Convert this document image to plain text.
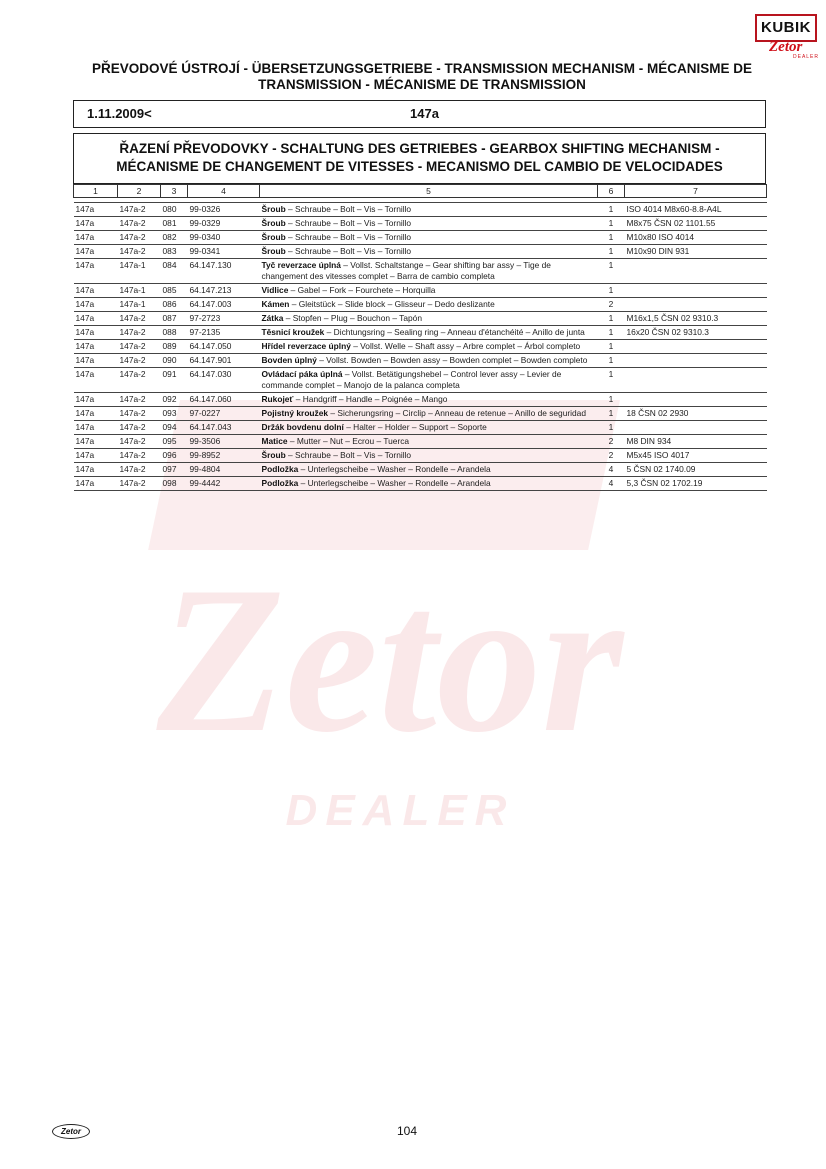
KUBIK
Zetor
DEALER
Zetor
DEALER
PŘEVODOVÉ ÚSTROJÍ - ÜBERSETZUNGSGETRIEBE - TRANSMISSION MECHANISM - MÉCANISME DE
TRANSMISSION - MÉCANISME DE TRANSMISSION
1.11.2009<	147a
ŘAZENÍ PŘEVODOVKY - SCHALTUNG DES GETRIEBES - GEARBOX SHIFTING MECHANISM -
MÉCANISME DE CHANGEMENT DE VITESSES - MECANISMO DEL CAMBIO DE VELOCIDADES
1	2	3	4	5	6	7

147a	147a-2	080	99-0326	Šroub – Schraube – Bolt – Vis – Tornillo	1	ISO 4014 M8x60-8.8-A4L
147a	147a-2	081	99-0329	Šroub – Schraube – Bolt – Vis – Tornillo	1	M8x75 ČSN 02 1101.55
147a	147a-2	082	99-0340	Šroub – Schraube – Bolt – Vis – Tornillo	1	M10x80 ISO 4014
147a	147a-2	083	99-0341	Šroub – Schraube – Bolt – Vis – Tornillo	1	M10x90 DIN 931
147a	147a-1	084	64.147.130	Tyč reverzace úplná – Vollst. Schaltstange – Gear shifting bar assy – Tige de changement des vitesses complet – Barra de cambio completa	1	
147a	147a-1	085	64.147.213	Vidlice – Gabel – Fork – Fourchete – Horquilla	1	
147a	147a-1	086	64.147.003	Kámen – Gleitstück – Slide block – Glisseur – Dedo deslizante	2	
147a	147a-2	087	97-2723	Zátka – Stopfen – Plug – Bouchon – Tapón	1	M16x1,5 ČSN 02 9310.3
147a	147a-2	088	97-2135	Těsnicí kroužek – Dichtungsring – Sealing ring – Anneau d'étanchéité – Anillo de junta	1	16x20 ČSN 02 9310.3
147a	147a-2	089	64.147.050	Hřídel reverzace úplný – Vollst. Welle – Shaft assy – Arbre complet – Árbol completo	1	
147a	147a-2	090	64.147.901	Bovden úplný – Vollst. Bowden – Bowden assy – Bowden complet – Bowden completo	1	
147a	147a-2	091	64.147.030	Ovládací páka úplná – Vollst. Betätigungshebel – Control lever assy – Levier de commande complet – Manojo de la palanca completa	1	
147a	147a-2	092	64.147.060	Rukojeť – Handgriff – Handle – Poignée – Mango	1	
147a	147a-2	093	97-0227	Pojistný kroužek – Sicherungsring – Circlip – Anneau de retenue – Anillo de seguridad	1	18 ČSN 02 2930
147a	147a-2	094	64.147.043	Držák bovdenu dolní – Halter – Holder – Support – Soporte	1	
147a	147a-2	095	99-3506	Matice – Mutter – Nut – Ecrou – Tuerca	2	M8 DIN 934
147a	147a-2	096	99-8952	Šroub – Schraube – Bolt – Vis – Tornillo	2	M5x45 ISO 4017
147a	147a-2	097	99-4804	Podložka – Unterlegscheibe – Washer – Rondelle – Arandela	4	5 ČSN 02 1740.09
147a	147a-2	098	99-4442	Podložka – Unterlegscheibe – Washer – Rondelle – Arandela	4	5,3 ČSN 02 1702.19
Zetor	104
